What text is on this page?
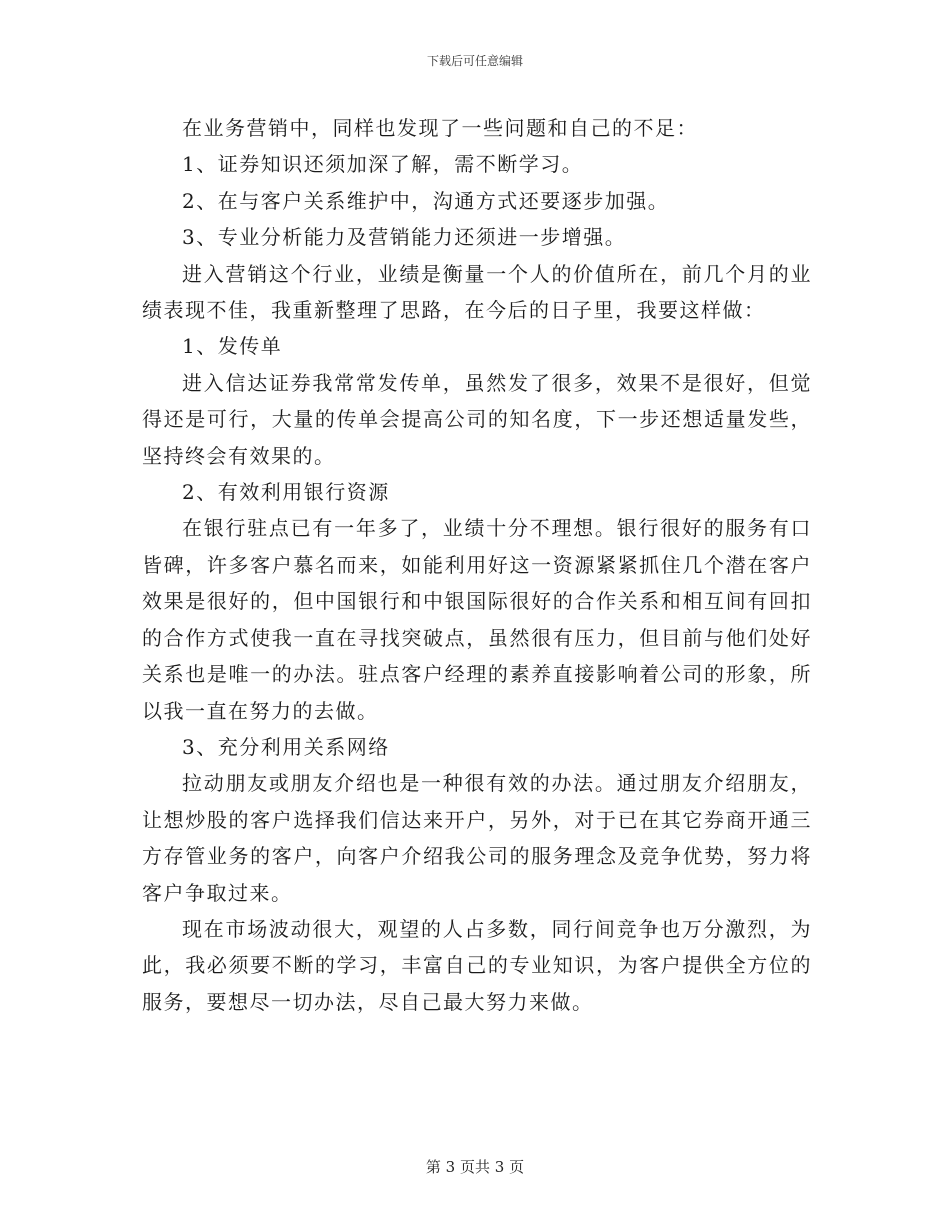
下载后可任意编辑

在业务营销中，同样也发现了一些问题和自己的不足：

1、证券知识还须加深了解，需不断学习。

2、在与客户关系维护中，沟通方式还要逐步加强。

3、专业分析能力及营销能力还须进一步增强。

进入营销这个行业，业绩是衡量一个人的价值所在，前几个月的业绩表现不佳，我重新整理了思路，在今后的日子里，我要这样做：

1、发传单

进入信达证券我常常发传单，虽然发了很多，效果不是很好，但觉得还是可行，大量的传单会提高公司的知名度，下一步还想适量发些，坚持终会有效果的。

2、有效利用银行资源

在银行驻点已有一年多了，业绩十分不理想。银行很好的服务有口皆碑，许多客户慕名而来，如能利用好这一资源紧紧抓住几个潜在客户效果是很好的，但中国银行和中银国际很好的合作关系和相互间有回扣的合作方式使我一直在寻找突破点，虽然很有压力，但目前与他们处好关系也是唯一的办法。驻点客户经理的素养直接影响着公司的形象，所以我一直在努力的去做。

3、充分利用关系网络

拉动朋友或朋友介绍也是一种很有效的办法。通过朋友介绍朋友，让想炒股的客户选择我们信达来开户，另外，对于已在其它券商开通三方存管业务的客户，向客户介绍我公司的服务理念及竞争优势，努力将客户争取过来。

现在市场波动很大，观望的人占多数，同行间竞争也万分激烈，为此，我必须要不断的学习，丰富自己的专业知识，为客户提供全方位的服务，要想尽一切办法，尽自己最大努力来做。

第 3 页共 3 页
